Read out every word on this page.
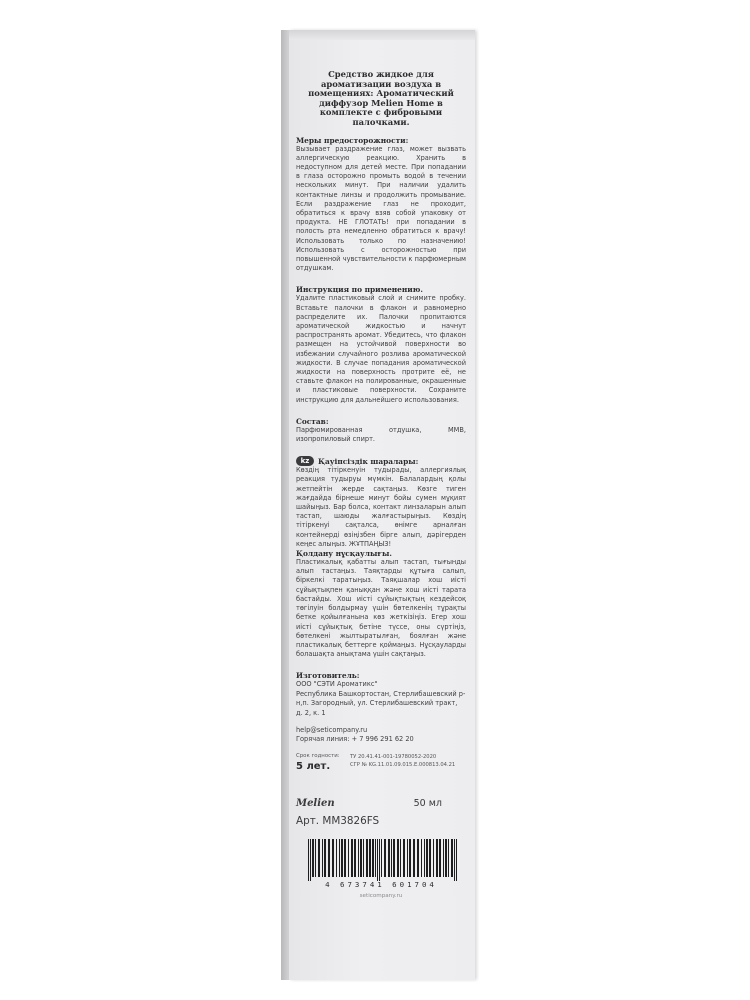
Средство жидкое для ароматизации воздуха в помещениях: Ароматический диффузор Melien Home в комплекте с фибровыми палочками.

Меры предосторожности:

Вызывает раздражение глаз, может вызвать аллергическую реакцию. Хранить в недоступном для детей месте. При попадании в глаза осторожно промыть водой в течении нескольких минут. При наличии удалить контактные линзы и продолжить промывание. Если раздражение глаз не проходит, обратиться к врачу взяв собой упаковку от продукта. НЕ ГЛОТАТЬ! при попадании в полость рта немедленно обратиться к врачу! Использовать только по назначению! Использовать с осторожностью при повышенной чувствительности к парфюмерным отдушкам.

Инструкция по применению.

Удалите пластиковый слой и снимите пробку. Вставьте палочки в флакон и равномерно распределите их. Палочки пропитаются ароматической жидкостью и начнут распространять аромат. Убедитесь, что флакон размещен на устойчивой поверхности во избежании случайного розлива ароматической жидкости. В случае попадания ароматической жидкости на поверхность протрите её, не ставьте флакон на полированные, окрашенные и пластиковые поверхности. Сохраните инструкцию для дальнейшего использования.

Состав:

Парфюмированная отдушка, ММВ, изопропиловый спирт.

kz	Қауіпсіздік шаралары:

Көздің тітіркенуін тудырады, аллергиялық реакция тудыруы мүмкін. Балалардың қолы жетпейтін жерде сақтаңыз. Көзге тиген жағдайда бірнеше минут бойы сумен мұқият шайыңыз. Бар болса, контакт линзаларын алып тастап, шаюды жалғастырыңыз. Көздің тітіркенуі сақталса, өнімге арналған контейнерді өзіңізбен бірге алып, дәрігерден кеңес алыңыз. ЖҰТПАҢЫЗ!

Қолдану нұсқаулығы.

Пластикалық қабатты алып тастап, тығынды алып тастаңыз. Таяқтарды құтыға салып, біркелкі таратыңыз. Таяқшалар хош иісті сұйықтықпен қаныққан және хош иісті тарата бастайды. Хош иісті сұйықтықтың кездейсоқ төгілуін болдырмау үшін бөтелкенің тұрақты бетке қойылғанына көз жеткізіңіз. Егер хош иісті сұйықтық бетіне түссе, оны сүртіңіз, бөтелкені жылтыратылған, боялған және пластикалық беттерге қоймаңыз. Нұсқауларды болашақта анықтама үшін сақтаңыз.

Изготовитель:

ООО "СЭТИ Ароматикс"
Республика Башкортостан, Стерлибашевский р-н,п. Загородный, ул. Стерлибашевский тракт, д. 2, к. 1
help@seticompany.ru
Горячая линия: + 7 996 291 62 20
Срок годности:
5 лет.
ТУ 20.41.41-001-19780052-2020
СГР № KG.11.01.09.015.E.000813.04.21
Melien	50 мл
Арт. ММ3826FS
4 673741 601704
seticompany.ru
